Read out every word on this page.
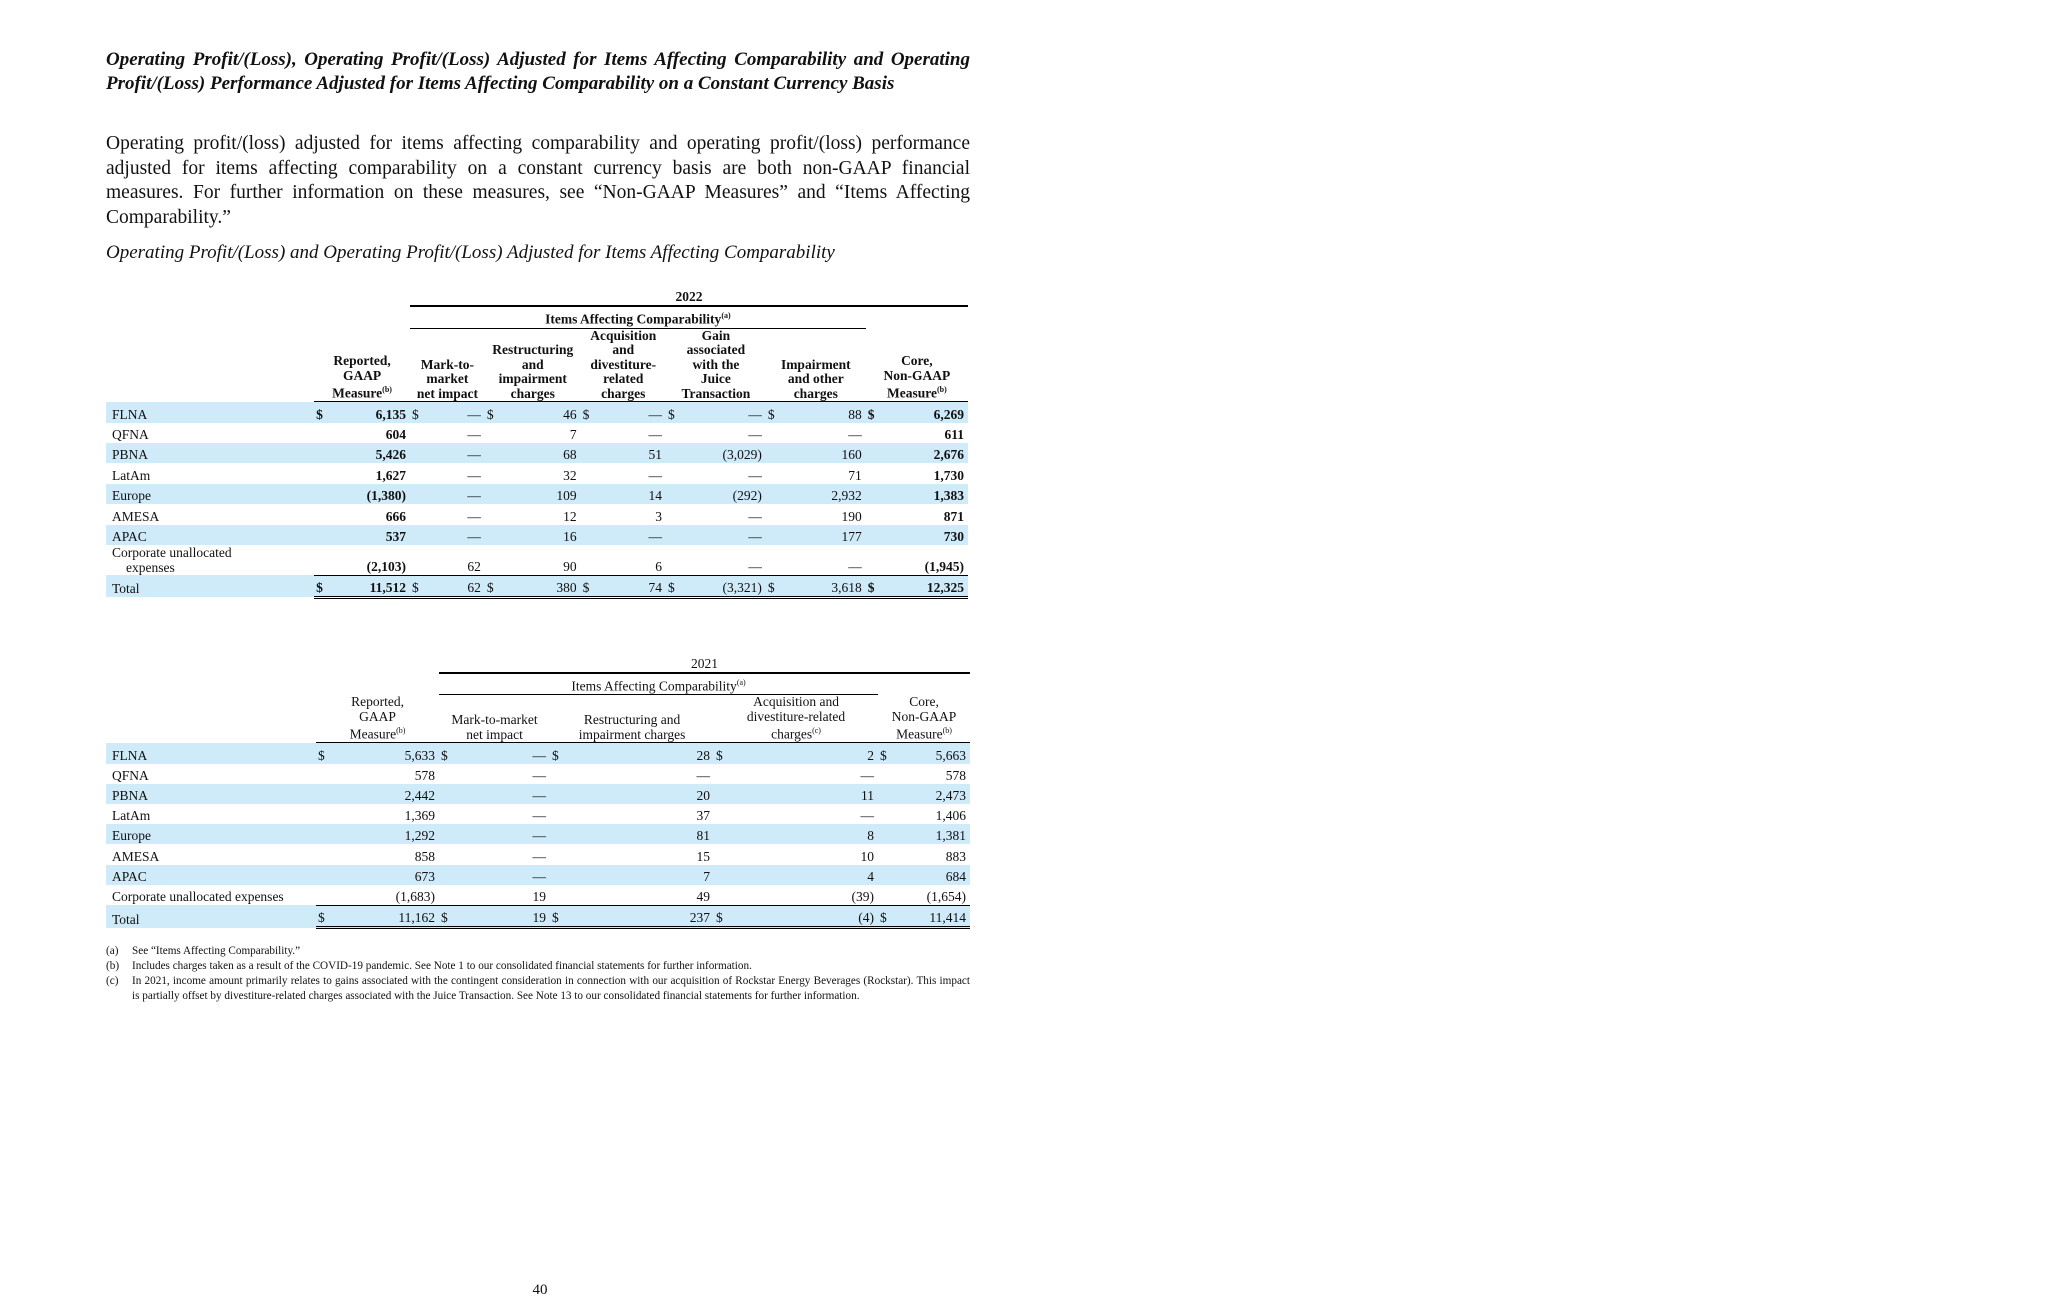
Operating Profit/(Loss), Operating Profit/(Loss) Adjusted for Items Affecting Comparability and Operating Profit/(Loss) Performance Adjusted for Items Affecting Comparability on a Constant Currency Basis
Operating profit/(loss) adjusted for items affecting comparability and operating profit/(loss) performance adjusted for items affecting comparability on a constant currency basis are both non-GAAP financial measures. For further information on these measures, see “Non-GAAP Measures” and “Items Affecting Comparability.”
Operating Profit/(Loss) and Operating Profit/(Loss) Adjusted for Items Affecting Comparability
			2022											
			Items Affecting Comparability$^{(a)}$	
	Reported,
GAAP
Measure$^{(b)}$		Mark-to-
market
net impact		Restructuring
and
impairment
charges		Acquisition
and
divestiture-
related
charges		Gain
associated
with the
Juice
Transaction		Impairment
and other
charges		Core,
Non-GAAP
Measure$^{(b)}$
FLNA	$	6,135	$	—	$	46	$	—	$	—	$	88	$	6,269
QFNA		604		—		7		—		—		—		611
PBNA		5,426		—		68		51		(3,029)		160		2,676
LatAm		1,627		—		32		—		—		71		1,730
Europe		(1,380)		—		109		14		(292)		2,932		1,383
AMESA		666		—		12		3		—		190		871
APAC		537		—		16		—		—		177		730
Corporate unallocated
expenses		(2,103)		62		90		6		—		—		(1,945)
Total	$	11,512	$	62	$	380	$	74	$	(3,321)	$	3,618	$	12,325
			2021							
			Items Affecting Comparability$^{(a)}$	
	Reported,
GAAP
Measure$^{(b)}$		Mark-to-market
net impact		Restructuring and
impairment charges		Acquisition and
divestiture-related
charges$^{(c)}$		Core,
Non-GAAP
Measure$^{(b)}$
FLNA	$	5,633	$	—	$	28	$	2	$	5,663
QFNA		578		—		—		—		578
PBNA		2,442		—		20		11		2,473
LatAm		1,369		—		37		—		1,406
Europe		1,292		—		81		8		1,381
AMESA		858		—		15		10		883
APAC		673		—		7		4		684
Corporate unallocated expenses		(1,683)		19		49		(39)		(1,654)
Total	$	11,162	$	19	$	237	$	(4)	$	11,414
(a)	See “Items Affecting Comparability.”
(b)	Includes charges taken as a result of the COVID-19 pandemic. See Note 1 to our consolidated financial statements for further information.
(c)	In 2021, income amount primarily relates to gains associated with the contingent consideration in connection with our acquisition of Rockstar Energy Beverages (Rockstar). This impact is partially offset by divestiture-related charges associated with the Juice Transaction. See Note 13 to our consolidated financial statements for further information.
40
